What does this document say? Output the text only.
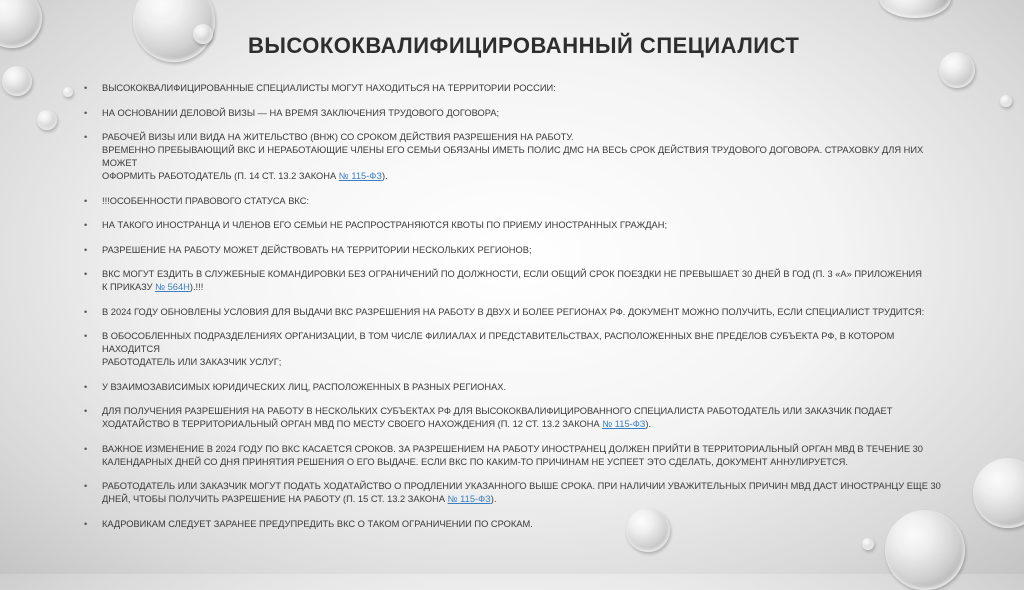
ВЫСОКОКВАЛИФИЦИРОВАННЫЙ СПЕЦИАЛИСТ
• ВЫСОКОКВАЛИФИЦИРОВАННЫЕ СПЕЦИАЛИСТЫ МОГУТ НАХОДИТЬСЯ НА ТЕРРИТОРИИ РОССИИ:
• НА ОСНОВАНИИ ДЕЛОВОЙ ВИЗЫ — НА ВРЕМЯ ЗАКЛЮЧЕНИЯ ТРУДОВОГО ДОГОВОРА;
• РАБОЧЕЙ ВИЗЫ ИЛИ ВИДА НА ЖИТЕЛЬСТВО (ВНЖ) СО СРОКОМ ДЕЙСТВИЯ РАЗРЕШЕНИЯ НА РАБОТУ.
ВРЕМЕННО ПРЕБЫВАЮЩИЙ ВКС И НЕРАБОТАЮЩИЕ ЧЛЕНЫ ЕГО СЕМЬИ ОБЯЗАНЫ ИМЕТЬ ПОЛИС ДМС НА ВЕСЬ СРОК ДЕЙСТВИЯ ТРУДОВОГО ДОГОВОРА. СТРАХОВКУ ДЛЯ НИХ МОЖЕТ
ОФОРМИТЬ РАБОТОДАТЕЛЬ (П. 14 СТ. 13.2 ЗАКОНА № 115-ФЗ).
• !!!ОСОБЕННОСТИ ПРАВОВОГО СТАТУСА ВКС:
• НА ТАКОГО ИНОСТРАНЦА И ЧЛЕНОВ ЕГО СЕМЬИ НЕ РАСПРОСТРАНЯЮТСЯ КВОТЫ ПО ПРИЕМУ ИНОСТРАННЫХ ГРАЖДАН;
• РАЗРЕШЕНИЕ НА РАБОТУ МОЖЕТ ДЕЙСТВОВАТЬ НА ТЕРРИТОРИИ НЕСКОЛЬКИХ РЕГИОНОВ;
• ВКС МОГУТ ЕЗДИТЬ В СЛУЖЕБНЫЕ КОМАНДИРОВКИ БЕЗ ОГРАНИЧЕНИЙ ПО ДОЛЖНОСТИ, ЕСЛИ ОБЩИЙ СРОК ПОЕЗДКИ НЕ ПРЕВЫШАЕТ 30 ДНЕЙ В ГОД (П. 3 «А» ПРИЛОЖЕНИЯ
К ПРИКАЗУ № 564Н).!!!
• В 2024 ГОДУ ОБНОВЛЕНЫ УСЛОВИЯ ДЛЯ ВЫДАЧИ ВКС РАЗРЕШЕНИЯ НА РАБОТУ В ДВУХ И БОЛЕЕ РЕГИОНАХ РФ. ДОКУМЕНТ МОЖНО ПОЛУЧИТЬ, ЕСЛИ СПЕЦИАЛИСТ ТРУДИТСЯ:
• В ОБОСОБЛЕННЫХ ПОДРАЗДЕЛЕНИЯХ ОРГАНИЗАЦИИ, В ТОМ ЧИСЛЕ ФИЛИАЛАХ И ПРЕДСТАВИТЕЛЬСТВАХ, РАСПОЛОЖЕННЫХ ВНЕ ПРЕДЕЛОВ СУБЪЕКТА РФ, В КОТОРОМ НАХОДИТСЯ
РАБОТОДАТЕЛЬ ИЛИ ЗАКАЗЧИК УСЛУГ;
• У ВЗАИМОЗАВИСИМЫХ ЮРИДИЧЕСКИХ ЛИЦ, РАСПОЛОЖЕННЫХ В РАЗНЫХ РЕГИОНАХ.
• ДЛЯ ПОЛУЧЕНИЯ РАЗРЕШЕНИЯ НА РАБОТУ В НЕСКОЛЬКИХ СУБЪЕКТАХ РФ ДЛЯ ВЫСОКОКВАЛИФИЦИРОВАННОГО СПЕЦИАЛИСТА РАБОТОДАТЕЛЬ ИЛИ ЗАКАЗЧИК ПОДАЕТ
ХОДАТАЙСТВО В ТЕРРИТОРИАЛЬНЫЙ ОРГАН МВД ПО МЕСТУ СВОЕГО НАХОЖДЕНИЯ (П. 12 СТ. 13.2 ЗАКОНА № 115-ФЗ).
• ВАЖНОЕ ИЗМЕНЕНИЕ В 2024 ГОДУ ПО ВКС КАСАЕТСЯ СРОКОВ. ЗА РАЗРЕШЕНИЕМ НА РАБОТУ ИНОСТРАНЕЦ ДОЛЖЕН ПРИЙТИ В ТЕРРИТОРИАЛЬНЫЙ ОРГАН МВД В ТЕЧЕНИЕ 30
КАЛЕНДАРНЫХ ДНЕЙ СО ДНЯ ПРИНЯТИЯ РЕШЕНИЯ О ЕГО ВЫДАЧЕ. ЕСЛИ ВКС ПО КАКИМ-ТО ПРИЧИНАМ НЕ УСПЕЕТ ЭТО СДЕЛАТЬ, ДОКУМЕНТ АННУЛИРУЕТСЯ.
• РАБОТОДАТЕЛЬ ИЛИ ЗАКАЗЧИК МОГУТ ПОДАТЬ ХОДАТАЙСТВО О ПРОДЛЕНИИ УКАЗАННОГО ВЫШЕ СРОКА. ПРИ НАЛИЧИИ УВАЖИТЕЛЬНЫХ ПРИЧИН МВД ДАСТ ИНОСТРАНЦУ ЕЩЕ 30
ДНЕЙ, ЧТОБЫ ПОЛУЧИТЬ РАЗРЕШЕНИЕ НА РАБОТУ (П. 15 СТ. 13.2 ЗАКОНА № 115-ФЗ).
• КАДРОВИКАМ СЛЕДУЕТ ЗАРАНЕЕ ПРЕДУПРЕДИТЬ ВКС О ТАКОМ ОГРАНИЧЕНИИ ПО СРОКАМ.
